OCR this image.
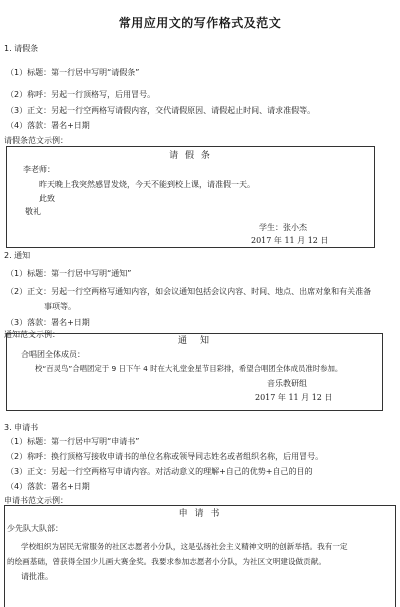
常用应用文的写作格式及范文
1. 请假条
（1）标题：第一行居中写明“请假条”
（2）称呼：另起一行顶格写，后用冒号。
（3）正文：另起一行空两格写请假内容，交代请假原因、请假起止时间、请求准假等。
（4）落款：署名+日期
请假条范文示例：
请 假 条
李老师：
昨天晚上我突然感冒发烧，今天不能到校上课，请准假一天。
此致
敬礼
学生：张小杰
2017 年 11 月 12 日
2. 通知
（1）标题：第一行居中写明“通知”
（2）正文：另起一行空两格写通知内容，如会议通知包括会议内容、时间、地点、出席对象和有关准备
事项等。
（3）落款：署名+日期
通知范文示例：
通　知
合唱团全体成员：
校“百灵鸟”合唱团定于 9 日下午 4 时在大礼堂金星节目彩排，希望合唱团全体成员准时参加。
音乐教研组
2017 年 11 月 12 日
3. 申请书
（1）标题：第一行居中写明“申请书”
（2）称呼：换行顶格写接收申请书的单位名称或领导同志姓名或者组织名称，后用冒号。
（3）正文：另起一行空两格写申请内容。对活动意义的理解+自己的优势+自己的目的
（4）落款：署名+日期
申请书范文示例：
申 请 书
少先队大队部：
学校组织为居民无常服务的社区志愿者小分队，这是弘扬社会主义精神文明的创新举措。我有一定
的绘画基础，曾获得全国少儿画大赛金奖。我要求参加志愿者小分队，为社区文明建设做贡献。
请批准。
